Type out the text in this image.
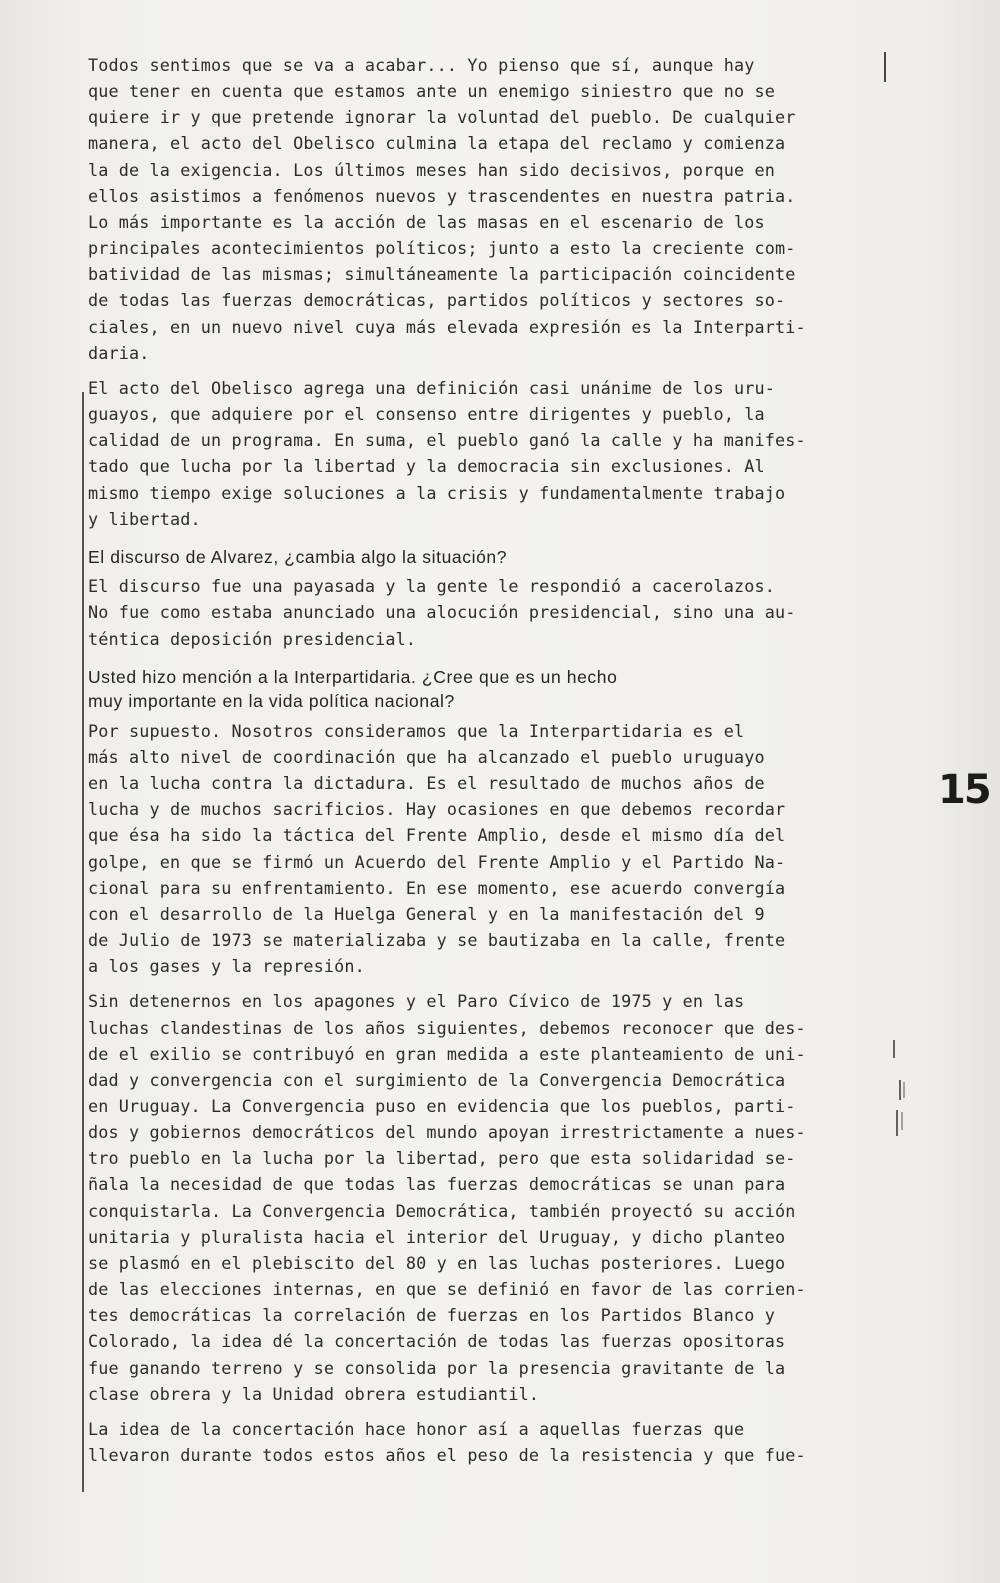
Todos sentimos que se va a acabar... Yo pienso que sí, aunque hay
que tener en cuenta que estamos ante un enemigo siniestro que no se
quiere ir y que pretende ignorar la voluntad del pueblo. De cualquier
manera, el acto del Obelisco culmina la etapa del reclamo y comienza
la de la exigencia. Los últimos meses han sido decisivos, porque en
ellos asistimos a fenómenos nuevos y trascendentes en nuestra patria.
Lo más importante es la acción de las masas en el escenario de los
principales acontecimientos políticos; junto a esto la creciente com-
batividad de las mismas; simultáneamente la participación coincidente
de todas las fuerzas democráticas, partidos políticos y sectores so-
ciales, en un nuevo nivel cuya más elevada expresión es la Interparti-
daria.
El acto del Obelisco agrega una definición casi unánime de los uru-
guayos, que adquiere por el consenso entre dirigentes y pueblo, la
calidad de un programa. En suma, el pueblo ganó la calle y ha manifes-
tado que lucha por la libertad y la democracia sin exclusiones. Al
mismo tiempo exige soluciones a la crisis y fundamentalmente trabajo
y libertad.
El discurso de Alvarez, ¿cambia algo la situación?
El discurso fue una payasada y la gente le respondió a cacerolazos.
No fue como estaba anunciado una alocución presidencial, sino una au-
téntica deposición presidencial.
Usted hizo mención a la Interpartidaria. ¿Cree que es un hecho
muy importante en la vida política nacional?
Por supuesto. Nosotros consideramos que la Interpartidaria es el
más alto nivel de coordinación que ha alcanzado el pueblo uruguayo
en la lucha contra la dictadura. Es el resultado de muchos años de
lucha y de muchos sacrificios. Hay ocasiones en que debemos recordar
que ésa ha sido la táctica del Frente Amplio, desde el mismo día del
golpe, en que se firmó un Acuerdo del Frente Amplio y el Partido Na-
cional para su enfrentamiento. En ese momento, ese acuerdo convergía
con el desarrollo de la Huelga General y en la manifestación del 9
de Julio de 1973 se materializaba y se bautizaba en la calle, frente
a los gases y la represión.
Sin detenernos en los apagones y el Paro Cívico de 1975 y en las
luchas clandestinas de los años siguientes, debemos reconocer que des-
de el exilio se contribuyó en gran medida a este planteamiento de uni-
dad y convergencia con el surgimiento de la Convergencia Democrática
en Uruguay. La Convergencia puso en evidencia que los pueblos, parti-
dos y gobiernos democráticos del mundo apoyan irrestrictamente a nues-
tro pueblo en la lucha por la libertad, pero que esta solidaridad se-
ñala la necesidad de que todas las fuerzas democráticas se unan para
conquistarla. La Convergencia Democrática, también proyectó su acción
unitaria y pluralista hacia el interior del Uruguay, y dicho planteo
se plasmó en el plebiscito del 80 y en las luchas posteriores. Luego
de las elecciones internas, en que se definió en favor de las corrien-
tes democráticas la correlación de fuerzas en los Partidos Blanco y
Colorado, la idea dé la concertación de todas las fuerzas opositoras
fue ganando terreno y se consolida por la presencia gravitante de la
clase obrera y la Unidad obrera estudiantil.
La idea de la concertación hace honor así a aquellas fuerzas que
llevaron durante todos estos años el peso de la resistencia y que fue-
15
